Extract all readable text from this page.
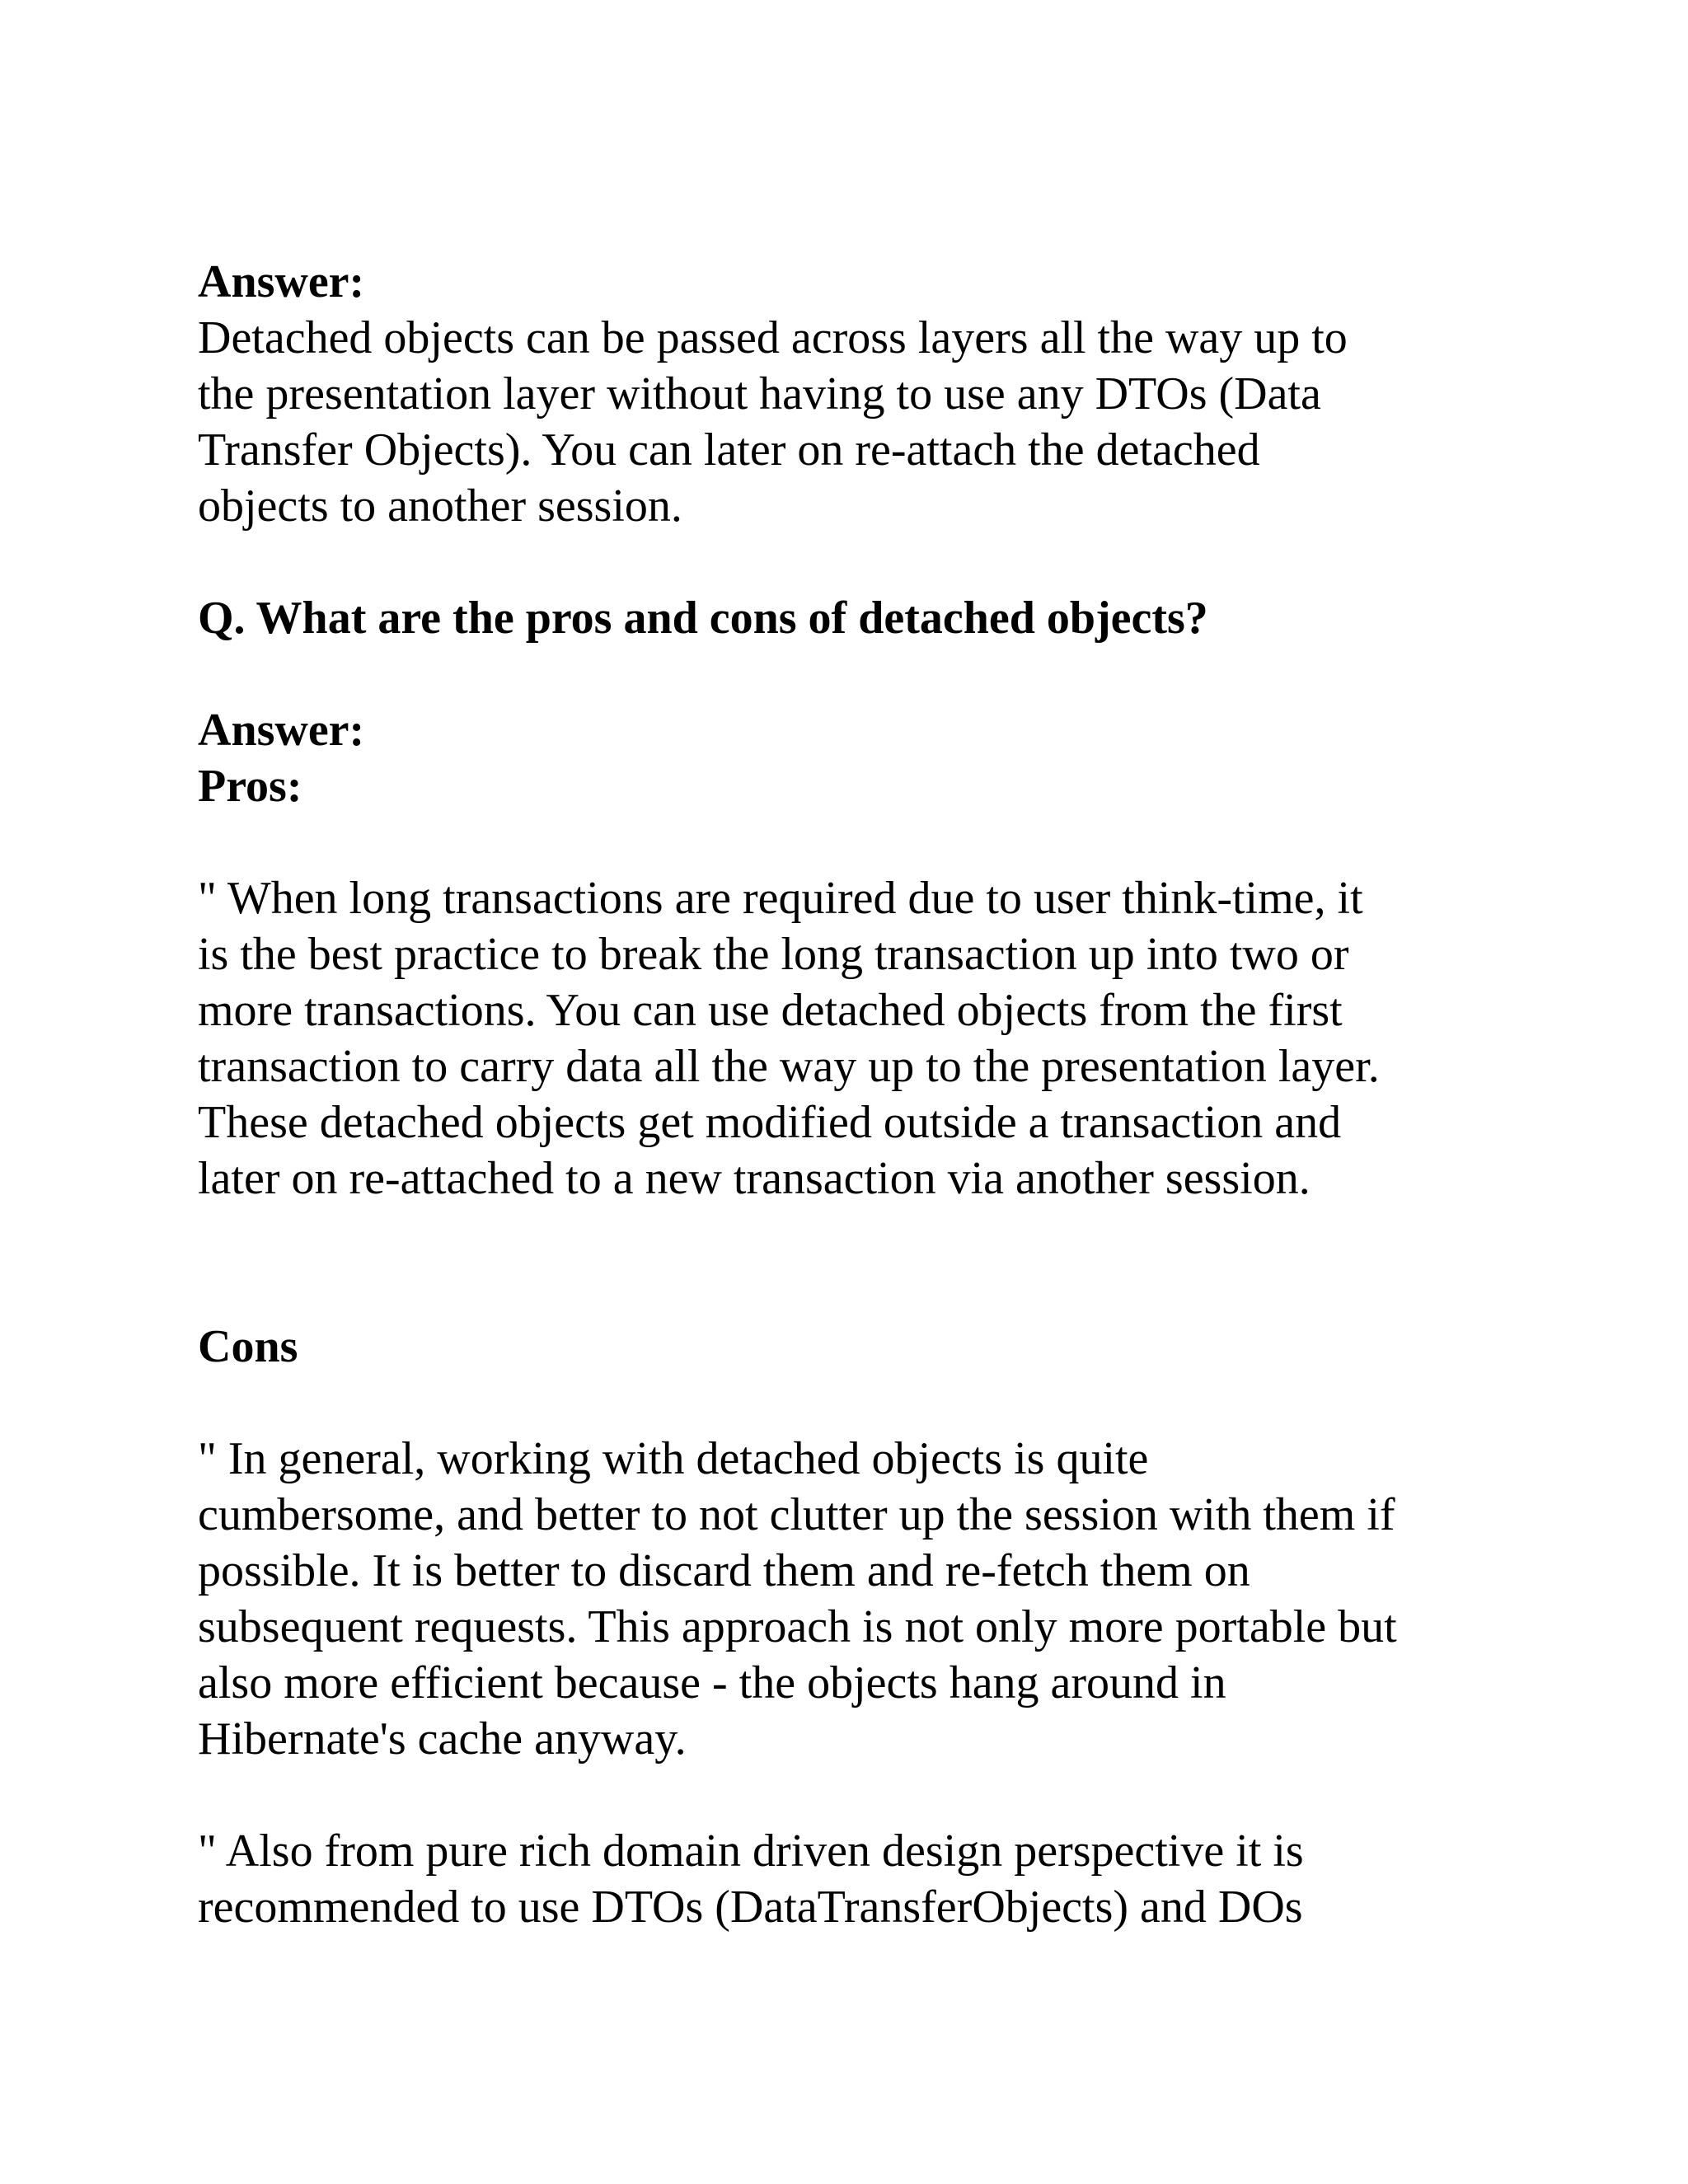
Answer:
Detached objects can be passed across layers all the way up to
the presentation layer without having to use any DTOs (Data
Transfer Objects). You can later on re-attach the detached
objects to another session.
Q. What are the pros and cons of detached objects?
Answer:
Pros:
" When long transactions are required due to user think-time, it
is the best practice to break the long transaction up into two or
more transactions. You can use detached objects from the first
transaction to carry data all the way up to the presentation layer.
These detached objects get modified outside a transaction and
later on re-attached to a new transaction via another session.
Cons
" In general, working with detached objects is quite
cumbersome, and better to not clutter up the session with them if
possible. It is better to discard them and re-fetch them on
subsequent requests. This approach is not only more portable but
also more efficient because - the objects hang around in
Hibernate's cache anyway.
" Also from pure rich domain driven design perspective it is
recommended to use DTOs (DataTransferObjects) and DOs
